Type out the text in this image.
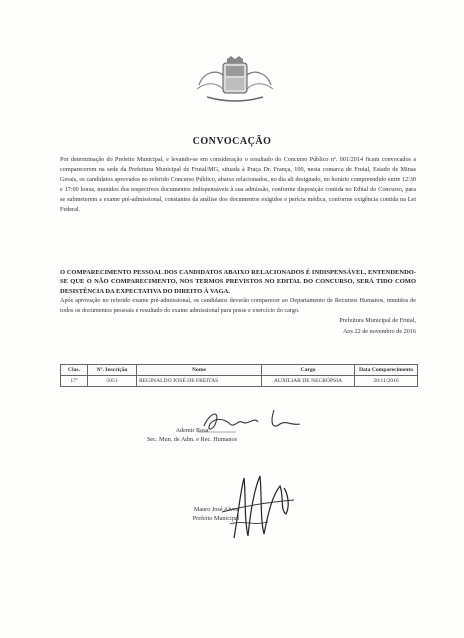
CONVOCAÇÃO

Por determinação do Prefeito Municipal, e levando-se em consideração o resultado do Concurso Público nº. 001/2014 ficam convocados a comparecerem na sede da Prefeitura Municipal de Frutal/MG, situada à Praça Dr. França, 100, nesta comarca de Frutal, Estado de Minas Gerais, os candidatos aprovados no referido Concurso Público, abaixo relacionados, no dia ali designado, no horário compreendido entre 12:30 e 17:00 horas, munidos dos respectivos documentos indispensáveis à sua admissão, conforme disposição contida no Edital do Concurso, para se submeterem a exame pré-admissional, constantes da análise dos documentos exigidos e perícia médica, conforme exigência contida na Lei Federal.

O COMPARECIMENTO PESSOAL DOS CANDIDATOS ABAIXO RELACIONADOS É INDISPENSÁVEL, ENTENDENDO-SE QUE O NÃO COMPARECIMENTO, NOS TERMOS PREVISTOS NO EDITAL DO CONCURSO, SERÁ TIDO COMO DESISTÊNCIA DA EXPECTATIVA DO DIREITO À VAGA.

Após aprovação no referido exame pré-admissional, os candidatos deverão comparecer ao Departamento de Recursos Humanos, munidos de todos os documentos pessoais e resultado do exame admissional para posse e exercício do cargo.

Prefeitura Municipal de Frutal,
Aos 22 de novembro de 2016
Clas.	Nº. Inscrição	Nome	Cargo	Data Comparecimento
17º	5051	REGINALDO JOSÉ DE FREITAS	AUXILIAR DE NECRÓPSIA	28/11/2016
Ademir Rosa
Sec. Mun. de Adm. e Rec. Humanos
Mauro José Alves
Prefeito Municipal
